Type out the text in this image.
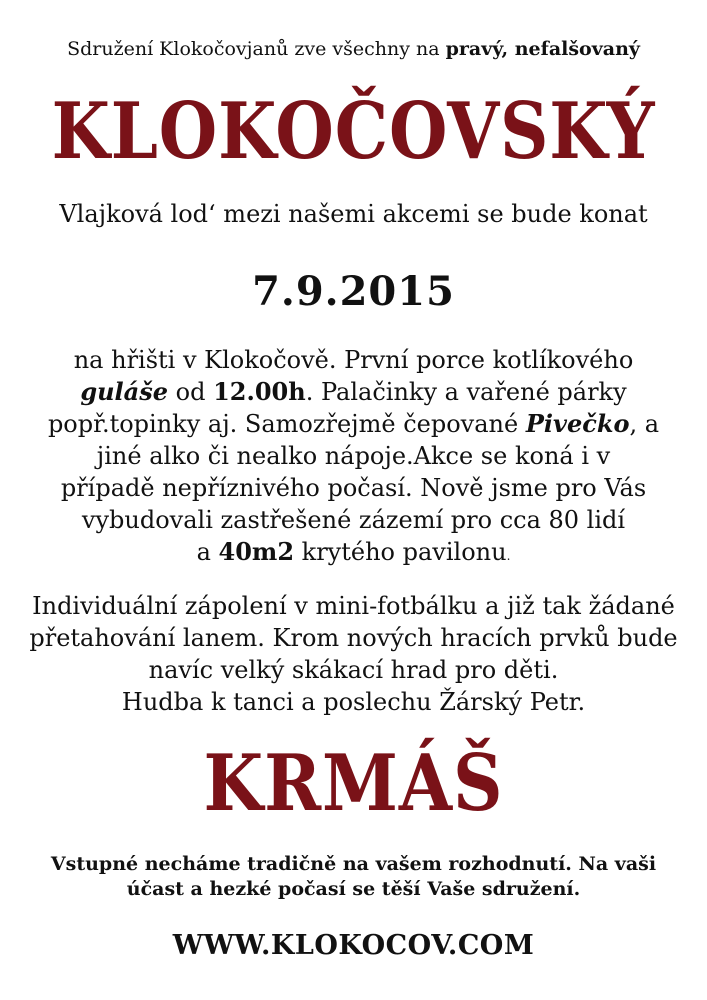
Sdružení Klokočovjanů zve všechny na pravý, nefalšovaný
KLOKOČOVSKÝ
Vlajková lod‘ mezi našemi akcemi se bude konat
7.9.2015
na hřišti v Klokočově. První porce kotlíkového
guláše od 12.00h. Palačinky a vařené párky
popř.topinky aj. Samozřejmě čepované Pivečko, a
jiné alko či nealko nápoje.Akce se koná i v
případě nepříznivého počasí. Nově jsme pro Vás
vybudovali zastřešené zázemí pro cca 80 lidí
a 40m2 krytého pavilonu.
Individuální zápolení v mini-fotbálku a již tak žádané
přetahování lanem. Krom nových hracích prvků bude
navíc velký skákací hrad pro děti.
Hudba k tanci a poslechu Žárský Petr.
KRMÁŠ
Vstupné necháme tradičně na vašem rozhodnutí. Na vaši
účast a hezké počasí se těší Vaše sdružení.
WWW.KLOKOCOV.COM
